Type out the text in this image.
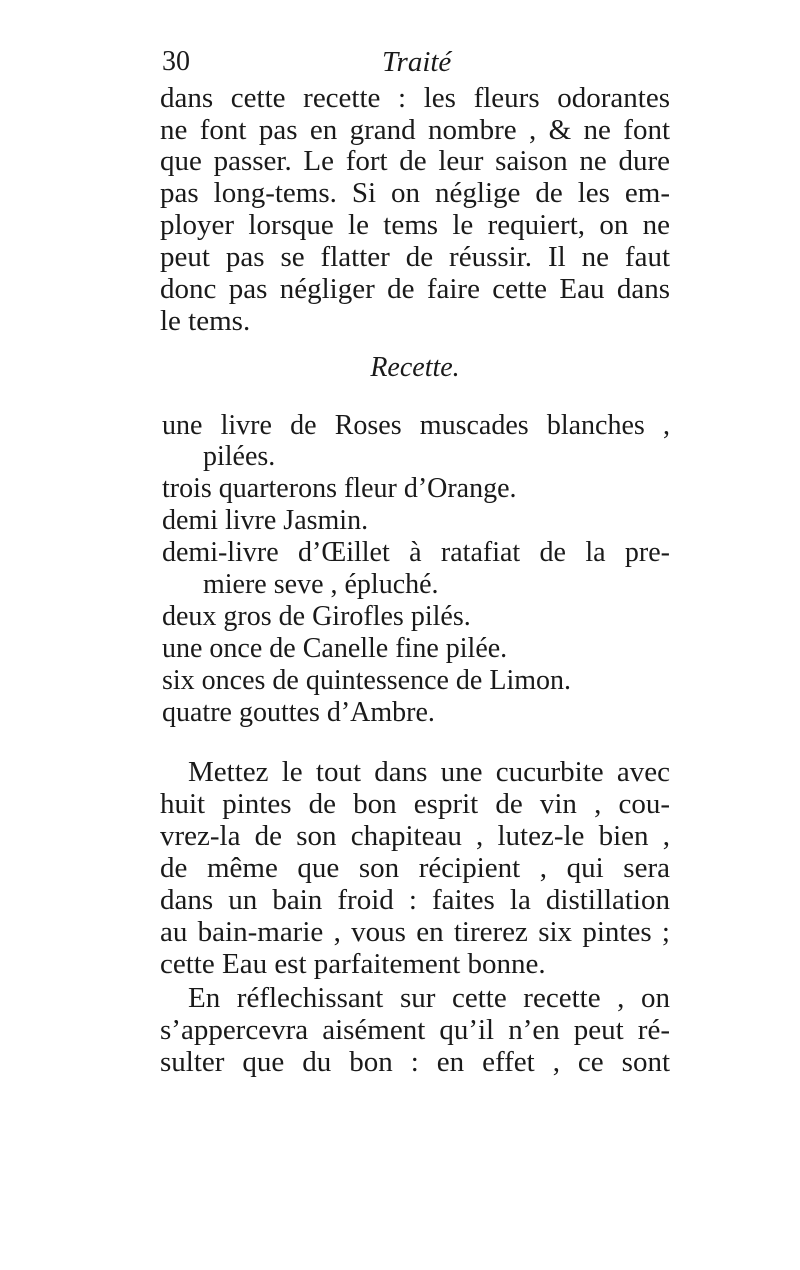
30	Traité
dans cette recette : les fleurs odorantes
ne font pas en grand nombre , & ne font
que passer. Le fort de leur saison ne dure
pas long-tems. Si on néglige de les em-
ployer lorsque le tems le requiert, on ne
peut pas se flatter de réussir. Il ne faut
donc pas négliger de faire cette Eau dans
le tems.
Recette.
une livre de Roses muscades blanches ,
pilées.
trois quarterons fleur d’Orange.
demi livre Jasmin.
demi-livre d’Œillet à ratafiat de la pre-
miere seve , épluché.
deux gros de Girofles pilés.
une once de Canelle fine pilée.
six onces de quintessence de Limon.
quatre gouttes d’Ambre.
Mettez le tout dans une cucurbite avec
huit pintes de bon esprit de vin , cou-
vrez-la de son chapiteau , lutez-le bien ,
de même que son récipient , qui sera
dans un bain froid : faites la distillation
au bain-marie , vous en tirerez six pintes ;
cette Eau est parfaitement bonne.
En réflechissant sur cette recette , on
s’appercevra aisément qu’il n’en peut ré-
sulter que du bon : en effet , ce sont
